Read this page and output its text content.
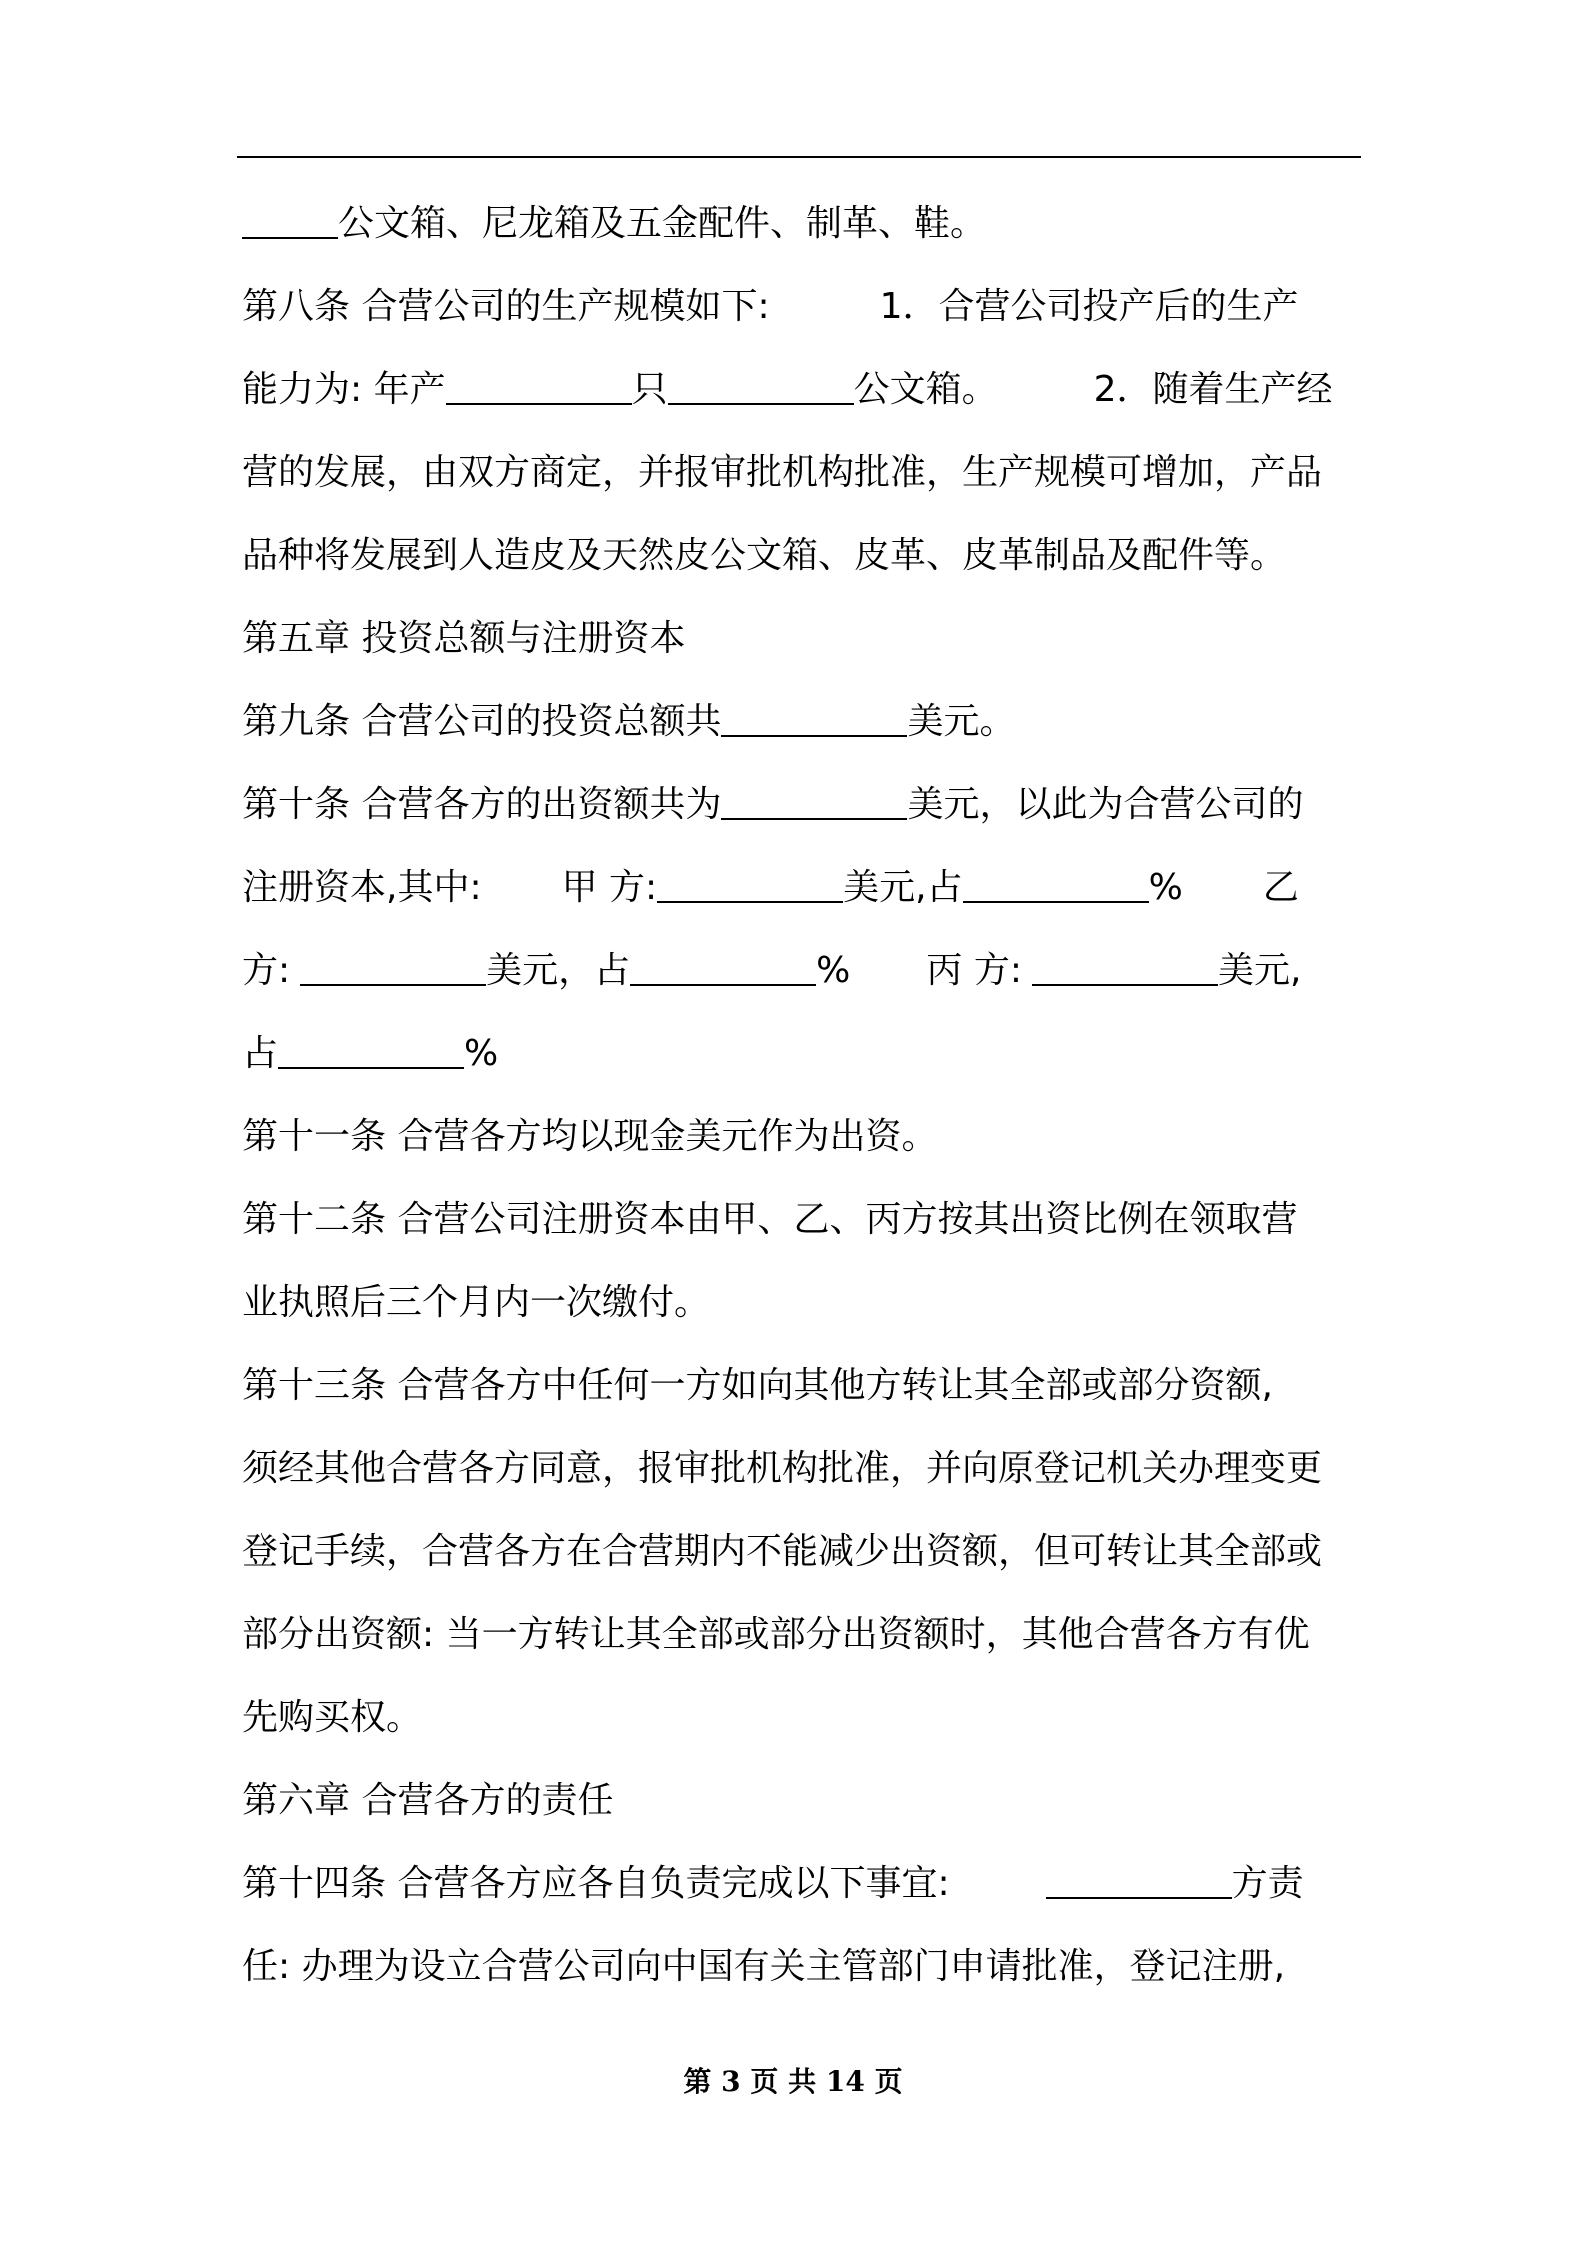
公文箱、尼龙箱及五金配件、制革、鞋。
第八条 合营公司的生产规模如下:	1．合营公司投产后的生产
能力为: 年产	只	公文箱。	2．随着生产经
营的发展，由双方商定，并报审批机构批准，生产规模可增加，产品
品种将发展到人造皮及天然皮公文箱、皮革、皮革制品及配件等。
第五章 投资总额与注册资本
第九条 合营公司的投资总额共	美元。
第十条 合营各方的出资额共为	美元，以此为合营公司的
注册资本,其中: 甲 方:	美元,占	% 乙
方:	美元，占	% 丙 方:	美元,
占	%
第十一条 合营各方均以现金美元作为出资。
第十二条 合营公司注册资本由甲、乙、丙方按其出资比例在领取营
业执照后三个月内一次缴付。
第十三条 合营各方中任何一方如向其他方转让其全部或部分资额,
须经其他合营各方同意，报审批机构批准，并向原登记机关办理变更
登记手续，合营各方在合营期内不能减少出资额，但可转让其全部或
部分出资额: 当一方转让其全部或部分出资额时，其他合营各方有优
先购买权。
第六章 合营各方的责任
第十四条 合营各方应各自负责完成以下事宜:	方责
任: 办理为设立合营公司向中国有关主管部门申请批准，登记注册,
第 3 页 共 14 页
